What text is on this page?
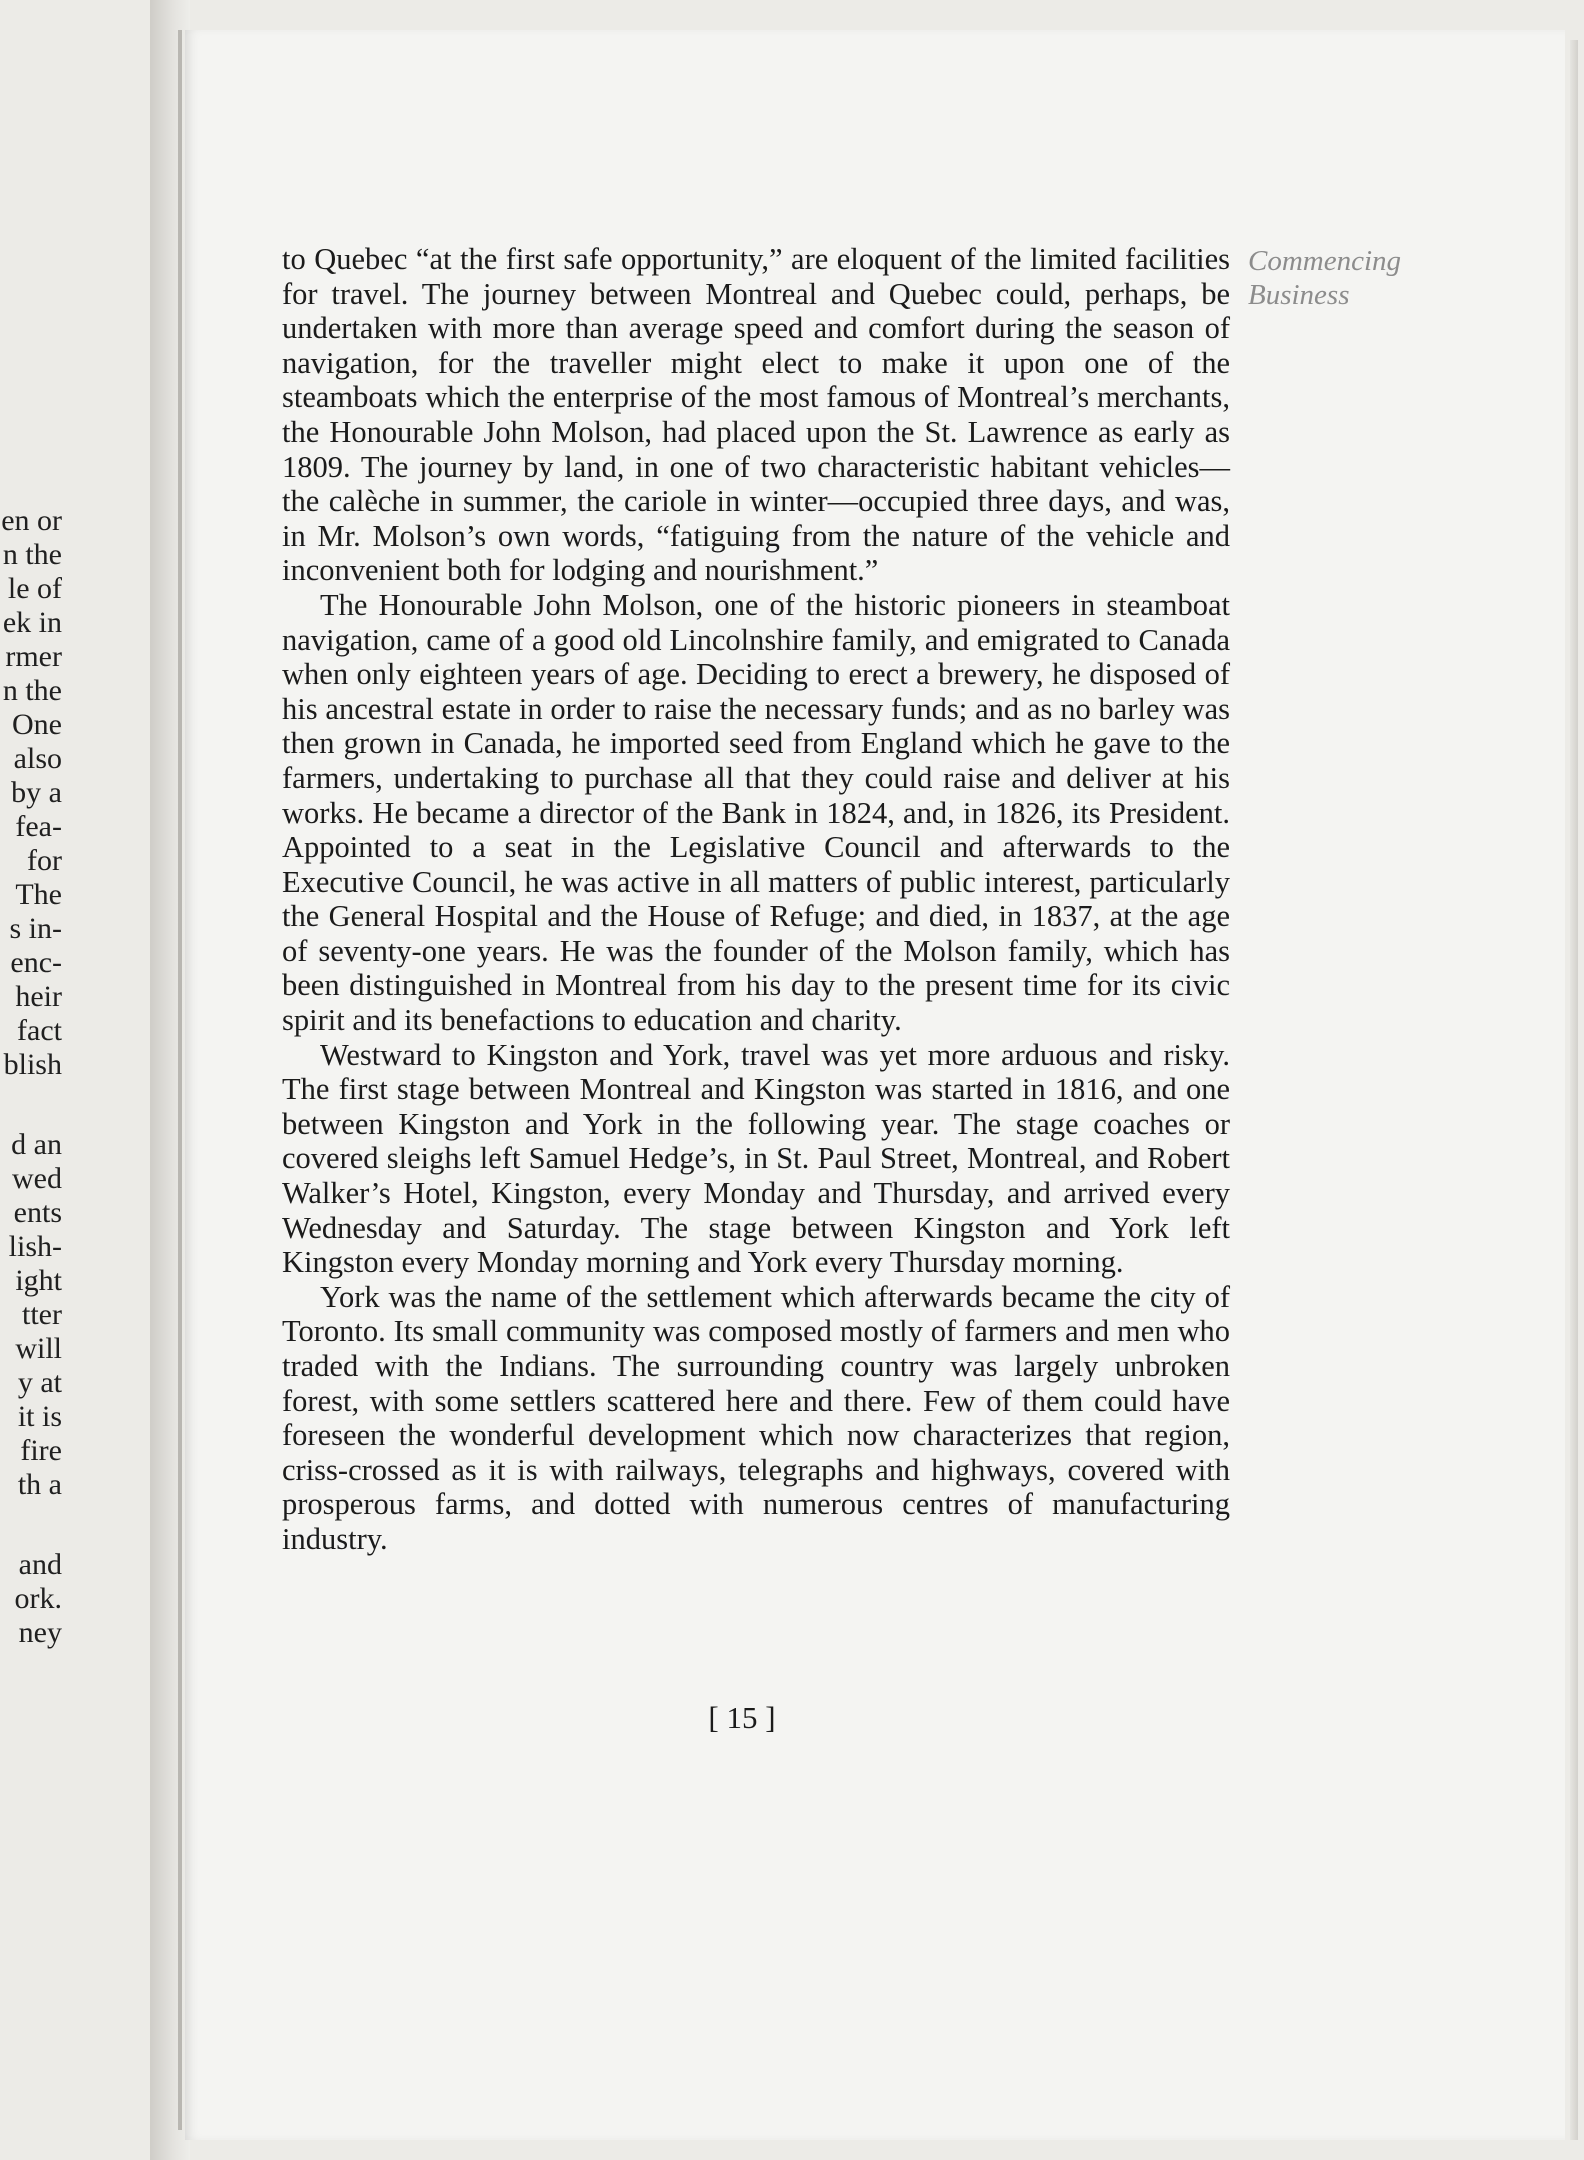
en or
n the
le of
ek in
rmer
n the
One
also
by a
fea-
for
The
s in-
enc-
heir
fact
blish
d an
wed
ents
lish-
ight
tter
will
y at
it is
fire
th a
and
ork.
ney

to Quebec “at the first safe opportunity,” are eloquent of the limited facilities for travel. The journey between Montreal and Quebec could, perhaps, be undertaken with more than average speed and comfort during the season of navigation, for the traveller might elect to make it upon one of the steamboats which the enterprise of the most famous of Montreal’s merchants, the Honourable John Molson, had placed upon the St. Lawrence as early as 1809. The journey by land, in one of two characteristic habitant vehicles—the calèche in summer, the cariole in winter—occupied three days, and was, in Mr. Molson’s own words, “fatiguing from the nature of the vehicle and inconvenient both for lodging and nourishment.”

The Honourable John Molson, one of the historic pioneers in steamboat navigation, came of a good old Lincolnshire family, and emigrated to Canada when only eighteen years of age. Deciding to erect a brewery, he disposed of his ancestral estate in order to raise the necessary funds; and as no barley was then grown in Canada, he imported seed from England which he gave to the farmers, undertaking to purchase all that they could raise and deliver at his works. He became a director of the Bank in 1824, and, in 1826, its President. Appointed to a seat in the Legislative Council and afterwards to the Executive Council, he was active in all matters of public interest, particularly the General Hospital and the House of Refuge; and died, in 1837, at the age of seventy-one years. He was the founder of the Molson family, which has been distinguished in Montreal from his day to the present time for its civic spirit and its benefactions to education and charity.

Westward to Kingston and York, travel was yet more arduous and risky. The first stage between Montreal and Kingston was started in 1816, and one between Kingston and York in the following year. The stage coaches or covered sleighs left Samuel Hedge’s, in St. Paul Street, Montreal, and Robert Walker’s Hotel, Kingston, every Monday and Thursday, and arrived every Wednesday and Saturday. The stage between Kingston and York left Kingston every Monday morning and York every Thursday morning.

York was the name of the settlement which afterwards became the city of Toronto. Its small community was composed mostly of farmers and men who traded with the Indians. The surrounding country was largely unbroken forest, with some settlers scattered here and there. Few of them could have foreseen the wonderful development which now characterizes that region, criss-crossed as it is with railways, telegraphs and highways, covered with prosperous farms, and dotted with numerous centres of manufacturing industry.

Commencing
Business
[ 15 ]
